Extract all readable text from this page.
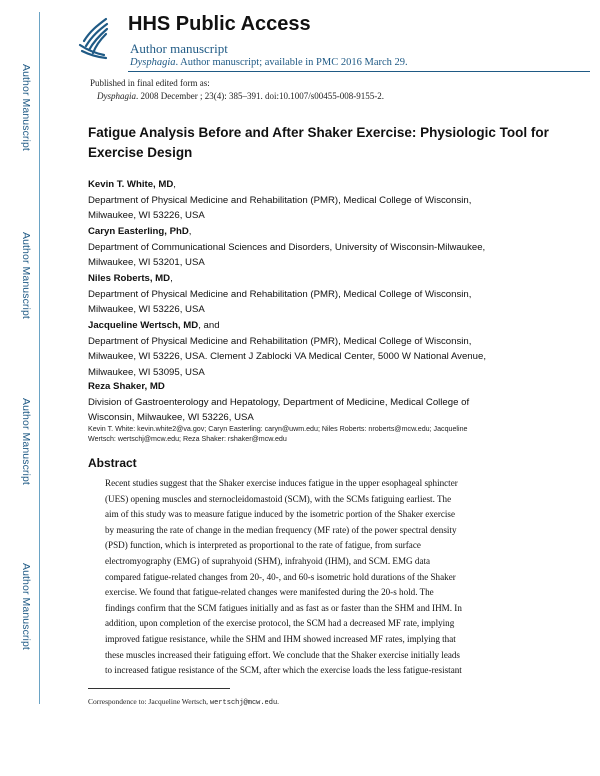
Author Manuscript
Author Manuscript
Author Manuscript
Author Manuscript
HHS Public Access
Author manuscript
Dysphagia. Author manuscript; available in PMC 2016 March 29.
Published in final edited form as:
Dysphagia. 2008 December ; 23(4): 385–391. doi:10.1007/s00455-008-9155-2.
Fatigue Analysis Before and After Shaker Exercise: Physiologic Tool for Exercise Design
Kevin T. White, MD,
Department of Physical Medicine and Rehabilitation (PMR), Medical College of Wisconsin,
Milwaukee, WI 53226, USA
Caryn Easterling, PhD,
Department of Communicational Sciences and Disorders, University of Wisconsin-Milwaukee,
Milwaukee, WI 53201, USA
Niles Roberts, MD,
Department of Physical Medicine and Rehabilitation (PMR), Medical College of Wisconsin,
Milwaukee, WI 53226, USA
Jacqueline Wertsch, MD, and
Department of Physical Medicine and Rehabilitation (PMR), Medical College of Wisconsin,
Milwaukee, WI 53226, USA. Clement J Zablocki VA Medical Center, 5000 W National Avenue,
Milwaukee, WI 53095, USA
Reza Shaker, MD
Division of Gastroenterology and Hepatology, Department of Medicine, Medical College of
Wisconsin, Milwaukee, WI 53226, USA
Kevin T. White: kevin.white2@va.gov; Caryn Easterling: caryn@uwm.edu; Niles Roberts: nroberts@mcw.edu; Jacqueline
Wertsch: wertschj@mcw.edu; Reza Shaker: rshaker@mcw.edu
Abstract
Recent studies suggest that the Shaker exercise induces fatigue in the upper esophageal sphincter
(UES) opening muscles and sternocleidomastoid (SCM), with the SCMs fatiguing earliest. The
aim of this study was to measure fatigue induced by the isometric portion of the Shaker exercise
by measuring the rate of change in the median frequency (MF rate) of the power spectral density
(PSD) function, which is interpreted as proportional to the rate of fatigue, from surface
electromyography (EMG) of suprahyoid (SHM), infrahyoid (IHM), and SCM. EMG data
compared fatigue-related changes from 20-, 40-, and 60-s isometric hold durations of the Shaker
exercise. We found that fatigue-related changes were manifested during the 20-s hold. The
findings confirm that the SCM fatigues initially and as fast as or faster than the SHM and IHM. In
addition, upon completion of the exercise protocol, the SCM had a decreased MF rate, implying
improved fatigue resistance, while the SHM and IHM showed increased MF rates, implying that
these muscles increased their fatiguing effort. We conclude that the Shaker exercise initially leads
to increased fatigue resistance of the SCM, after which the exercise loads the less fatigue-resistant
Correspondence to: Jacqueline Wertsch, wertschj@mcw.edu.
